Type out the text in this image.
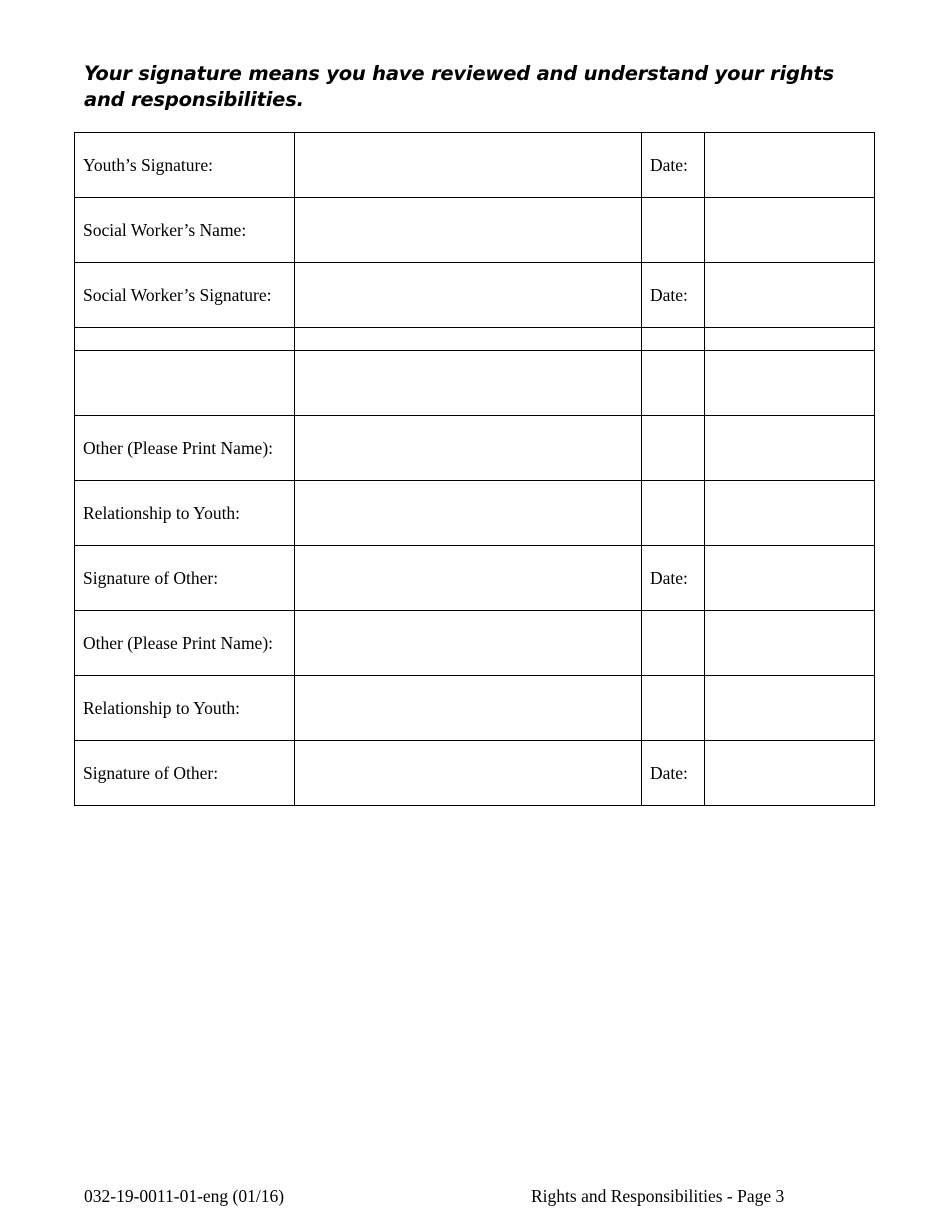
Your signature means you have reviewed and understand your rights and responsibilities.
Youth’s Signature:		Date:	
Social Worker’s Name:			
Social Worker’s Signature:		Date:	

Other (Please Print Name):			
Relationship to Youth:			
Signature of Other:		Date:	
Other (Please Print Name):			
Relationship to Youth:			
Signature of Other:		Date:	
032-19-0011-01-eng (01/16)	Rights and Responsibilities - Page 3
